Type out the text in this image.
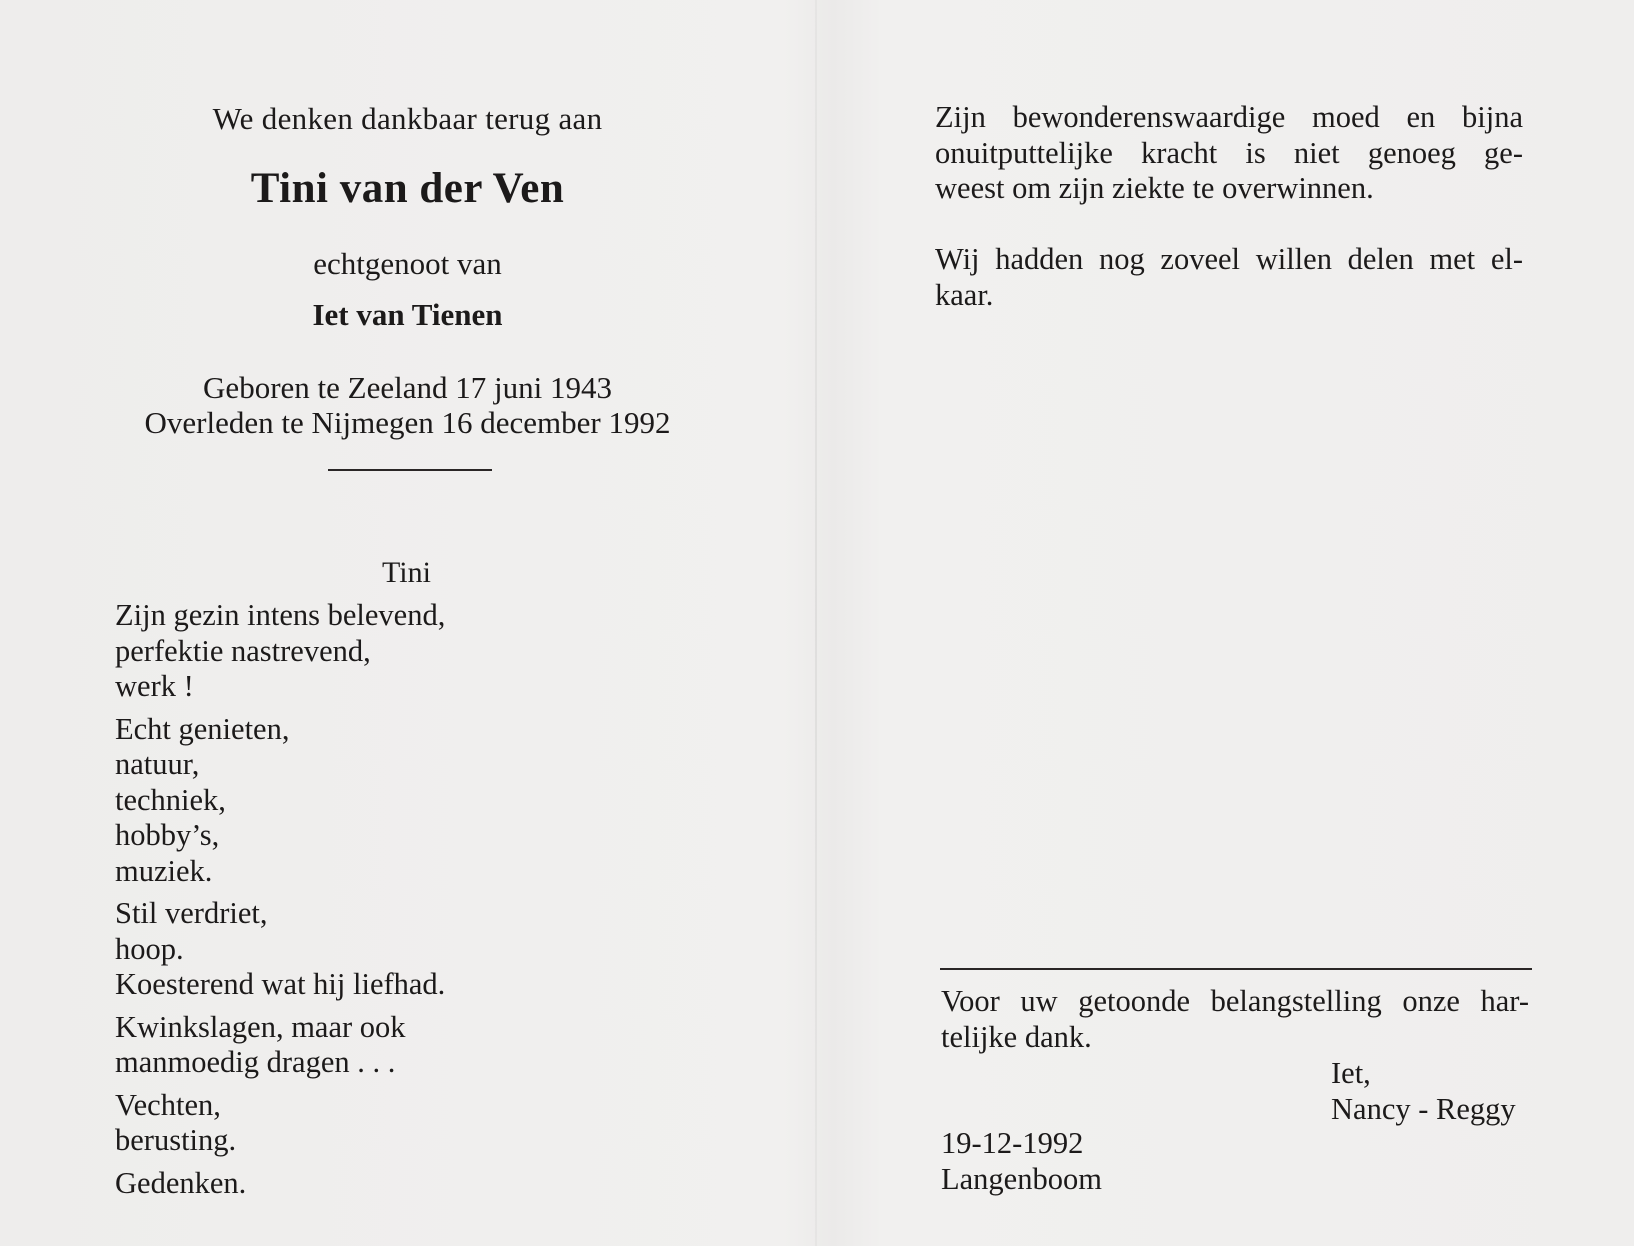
We denken dankbaar terug aan
Tini van der Ven
echtgenoot van
Iet van Tienen
Geboren te Zeeland 17 juni 1943
Overleden te Nijmegen 16 december 1992
Tini
Zijn gezin intens belevend,
perfektie nastrevend,
werk !
Echt genieten,
natuur,
techniek,
hobby’s,
muziek.
Stil verdriet,
hoop.
Koesterend wat hij liefhad.
Kwinkslagen, maar ook
manmoedig dragen . . .
Vechten,
berusting.
Gedenken.
Zijn bewonderenswaardige moed en bijna
onuitputtelijke kracht is niet genoeg ge-
weest om zijn ziekte te overwinnen.
Wij hadden nog zoveel willen delen met el-
kaar.
Voor uw getoonde belangstelling onze har-
telijke dank.
Iet,
Nancy - Reggy
19-12-1992
Langenboom
